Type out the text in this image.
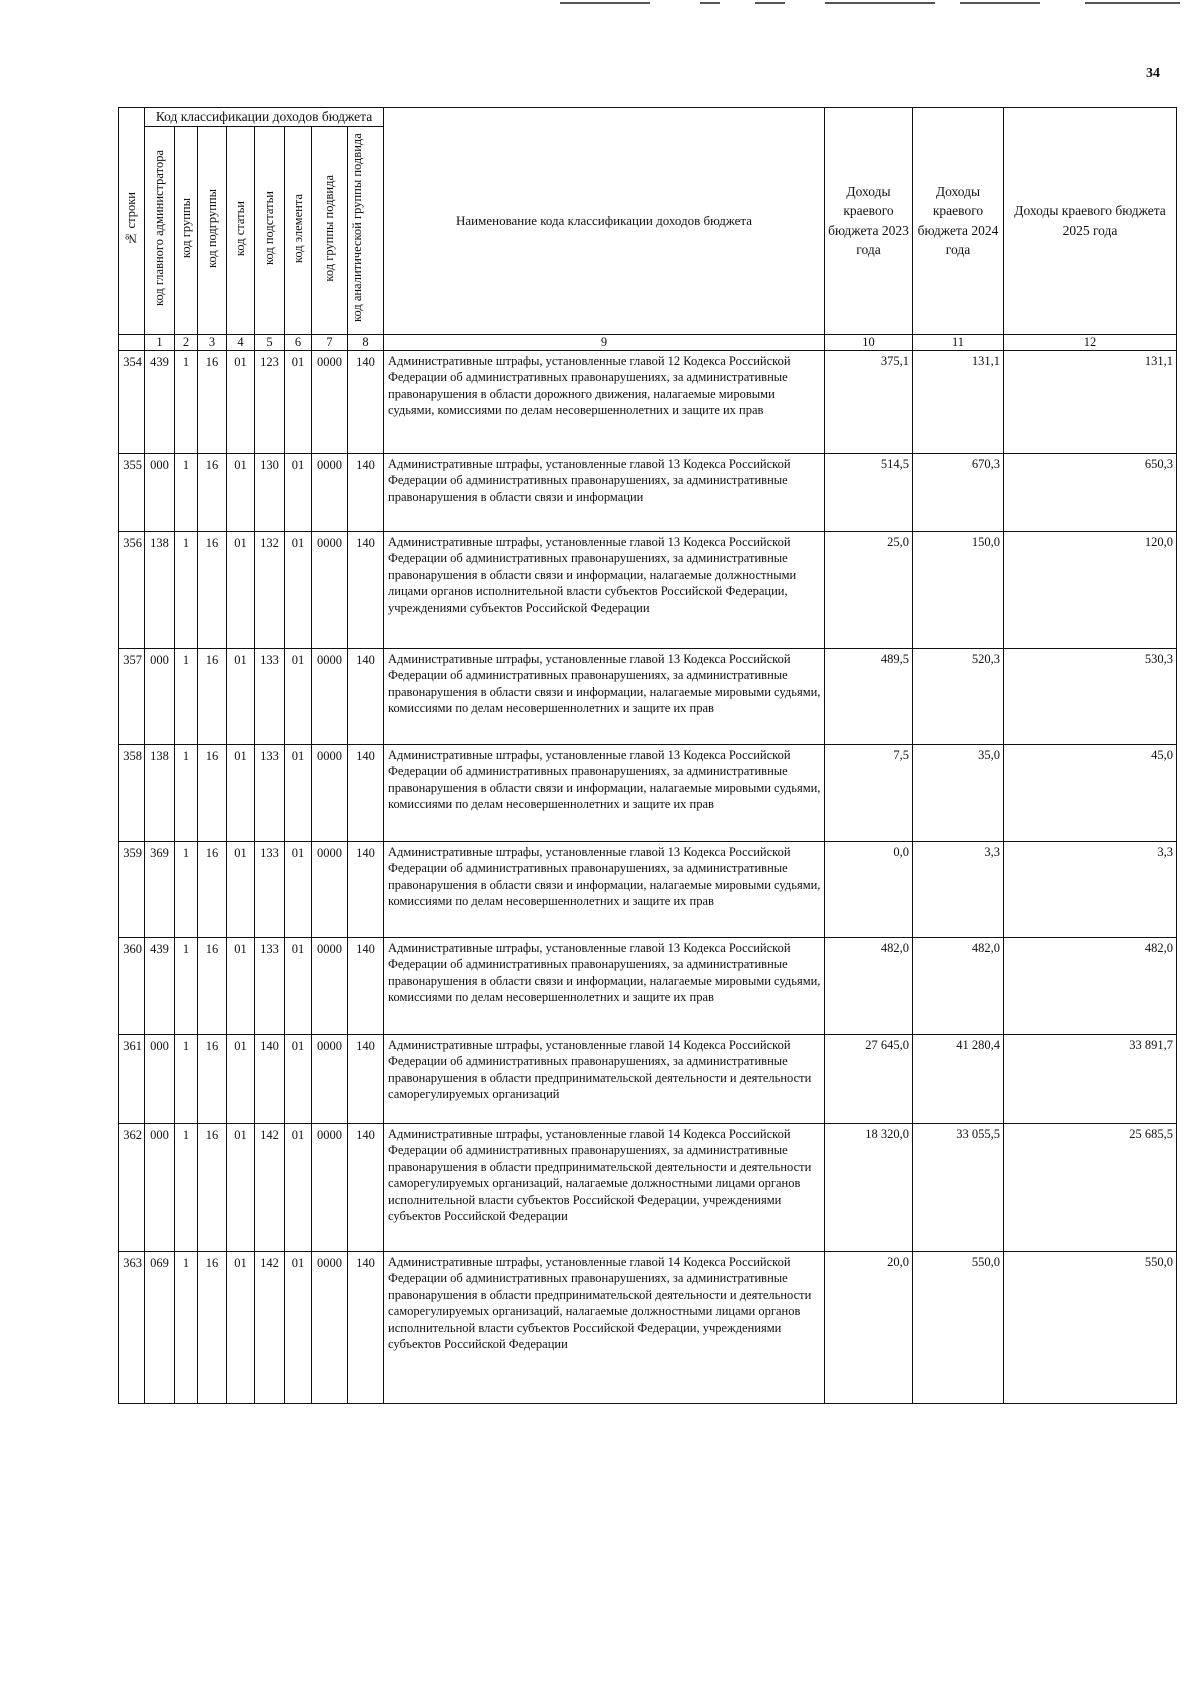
34
№ строки	Код классификации доходов бюджета								Наименование кода классификации доходов бюджета	Доходы краевого бюджета 2023 года	Доходы краевого бюджета 2024 года	Доходы краевого бюджета 2025 года
	код главного администратора	код группы	код подгруппы	код статьи	код подстатьи	код элемента	код группы подвида	код аналитической группы подвида				
	1	2	3	4	5	6	7	8	9	10	11	12
354	439	1	16	01	123	01	0000	140	Административные штрафы, установленные главой 12 Кодекса Российской Федерации об административных правонарушениях, за административные правонарушения в области дорожного движения, налагаемые мировыми судьями, комиссиями по делам несовершеннолетних и защите их прав	375,1	131,1	131,1
355	000	1	16	01	130	01	0000	140	Административные штрафы, установленные главой 13 Кодекса Российской Федерации об административных правонарушениях, за административные правонарушения в области связи и информации	514,5	670,3	650,3
356	138	1	16	01	132	01	0000	140	Административные штрафы, установленные главой 13 Кодекса Российской Федерации об административных правонарушениях, за административные правонарушения в области связи и информации, налагаемые должностными лицами органов исполнительной власти субъектов Российской Федерации, учреждениями субъектов Российской Федерации	25,0	150,0	120,0
357	000	1	16	01	133	01	0000	140	Административные штрафы, установленные главой 13 Кодекса Российской Федерации об административных правонарушениях, за административные правонарушения в области связи и информации, налагаемые мировыми судьями, комиссиями по делам несовершеннолетних и защите их прав	489,5	520,3	530,3
358	138	1	16	01	133	01	0000	140	Административные штрафы, установленные главой 13 Кодекса Российской Федерации об административных правонарушениях, за административные правонарушения в области связи и информации, налагаемые мировыми судьями, комиссиями по делам несовершеннолетних и защите их прав	7,5	35,0	45,0
359	369	1	16	01	133	01	0000	140	Административные штрафы, установленные главой 13 Кодекса Российской Федерации об административных правонарушениях, за административные правонарушения в области связи и информации, налагаемые мировыми судьями, комиссиями по делам несовершеннолетних и защите их прав	0,0	3,3	3,3
360	439	1	16	01	133	01	0000	140	Административные штрафы, установленные главой 13 Кодекса Российской Федерации об административных правонарушениях, за административные правонарушения в области связи и информации, налагаемые мировыми судьями, комиссиями по делам несовершеннолетних и защите их прав	482,0	482,0	482,0
361	000	1	16	01	140	01	0000	140	Административные штрафы, установленные главой 14 Кодекса Российской Федерации об административных правонарушениях, за административные правонарушения в области предпринимательской деятельности и деятельности саморегулируемых организаций	27 645,0	41 280,4	33 891,7
362	000	1	16	01	142	01	0000	140	Административные штрафы, установленные главой 14 Кодекса Российской Федерации об административных правонарушениях, за административные правонарушения в области предпринимательской деятельности и деятельности саморегулируемых организаций, налагаемые должностными лицами органов исполнительной власти субъектов Российской Федерации, учреждениями субъектов Российской Федерации	18 320,0	33 055,5	25 685,5
363	069	1	16	01	142	01	0000	140	Административные штрафы, установленные главой 14 Кодекса Российской Федерации об административных правонарушениях, за административные правонарушения в области предпринимательской деятельности и деятельности саморегулируемых организаций, налагаемые должностными лицами органов исполнительной власти субъектов Российской Федерации, учреждениями субъектов Российской Федерации	20,0	550,0	550,0
